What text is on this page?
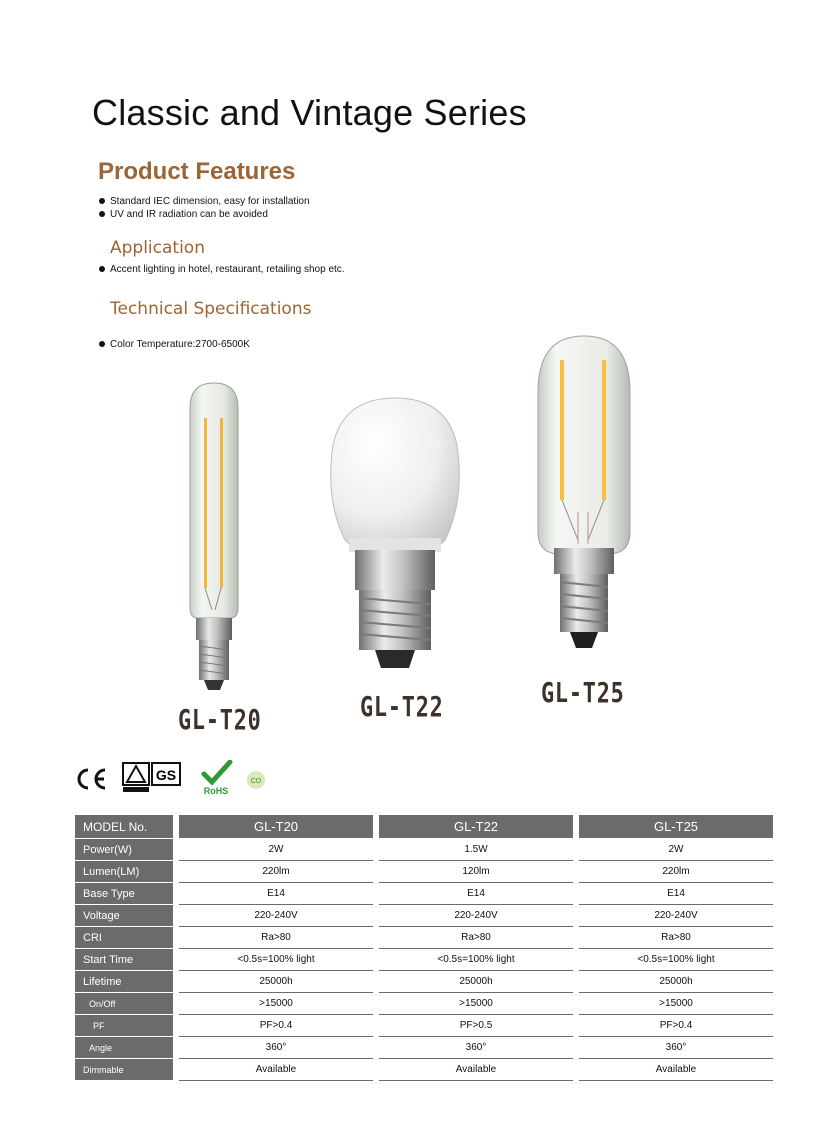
Classic and Vintage Series
Product Features
Standard IEC dimension, easy for installation
UV and IR radiation can be avoided
Application
Accent lighting in hotel, restaurant, retailing shop etc.
Technical Specifications
Color Temperature:2700-6500K
GL-T20	GL-T22	GL-T25
GS
RoHS
CO
MODEL No.		GL-T20		GL-T22		GL-T25
Power(W)		2W		1.5W		2W
Lumen(LM)		220lm		120lm		220lm
Base Type		E14		E14		E14
Voltage		220-240V		220-240V		220-240V
CRI		Ra>80		Ra>80		Ra>80
Start Time		<0.5s=100% light		<0.5s=100% light		<0.5s=100% light
Lifetime		25000h		25000h		25000h
On/Off		>15000		>15000		>15000
PF		PF>0.4		PF>0.5		PF>0.4
Angle		360°		360°		360°
Dimmable		Available		Available		Available
